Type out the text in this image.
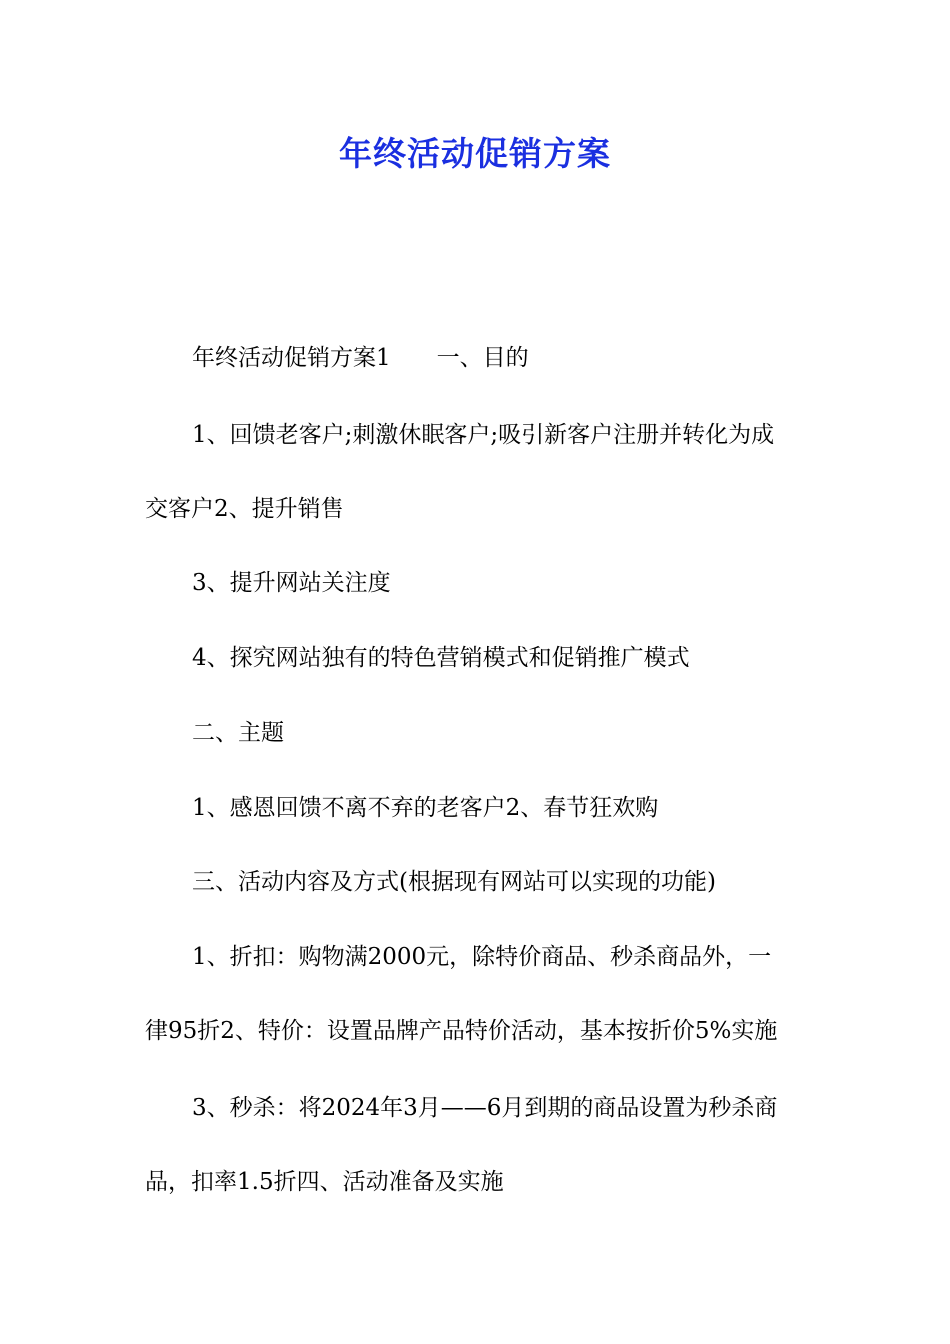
年终活动促销方案
年终活动促销方案1　　一、目的
1、回馈老客户;刺激休眠客户;吸引新客户注册并转化为成
交客户2、提升销售
3、提升网站关注度
4、探究网站独有的特色营销模式和促销推广模式
二、主题
1、感恩回馈不离不弃的老客户2、春节狂欢购
三、活动内容及方式(根据现有网站可以实现的功能)
1、折扣：购物满2000元，除特价商品、秒杀商品外，一
律95折2、特价：设置品牌产品特价活动，基本按折价5%实施
3、秒杀：将2024年3月——6月到期的商品设置为秒杀商
品，扣率1.5折四、活动准备及实施
